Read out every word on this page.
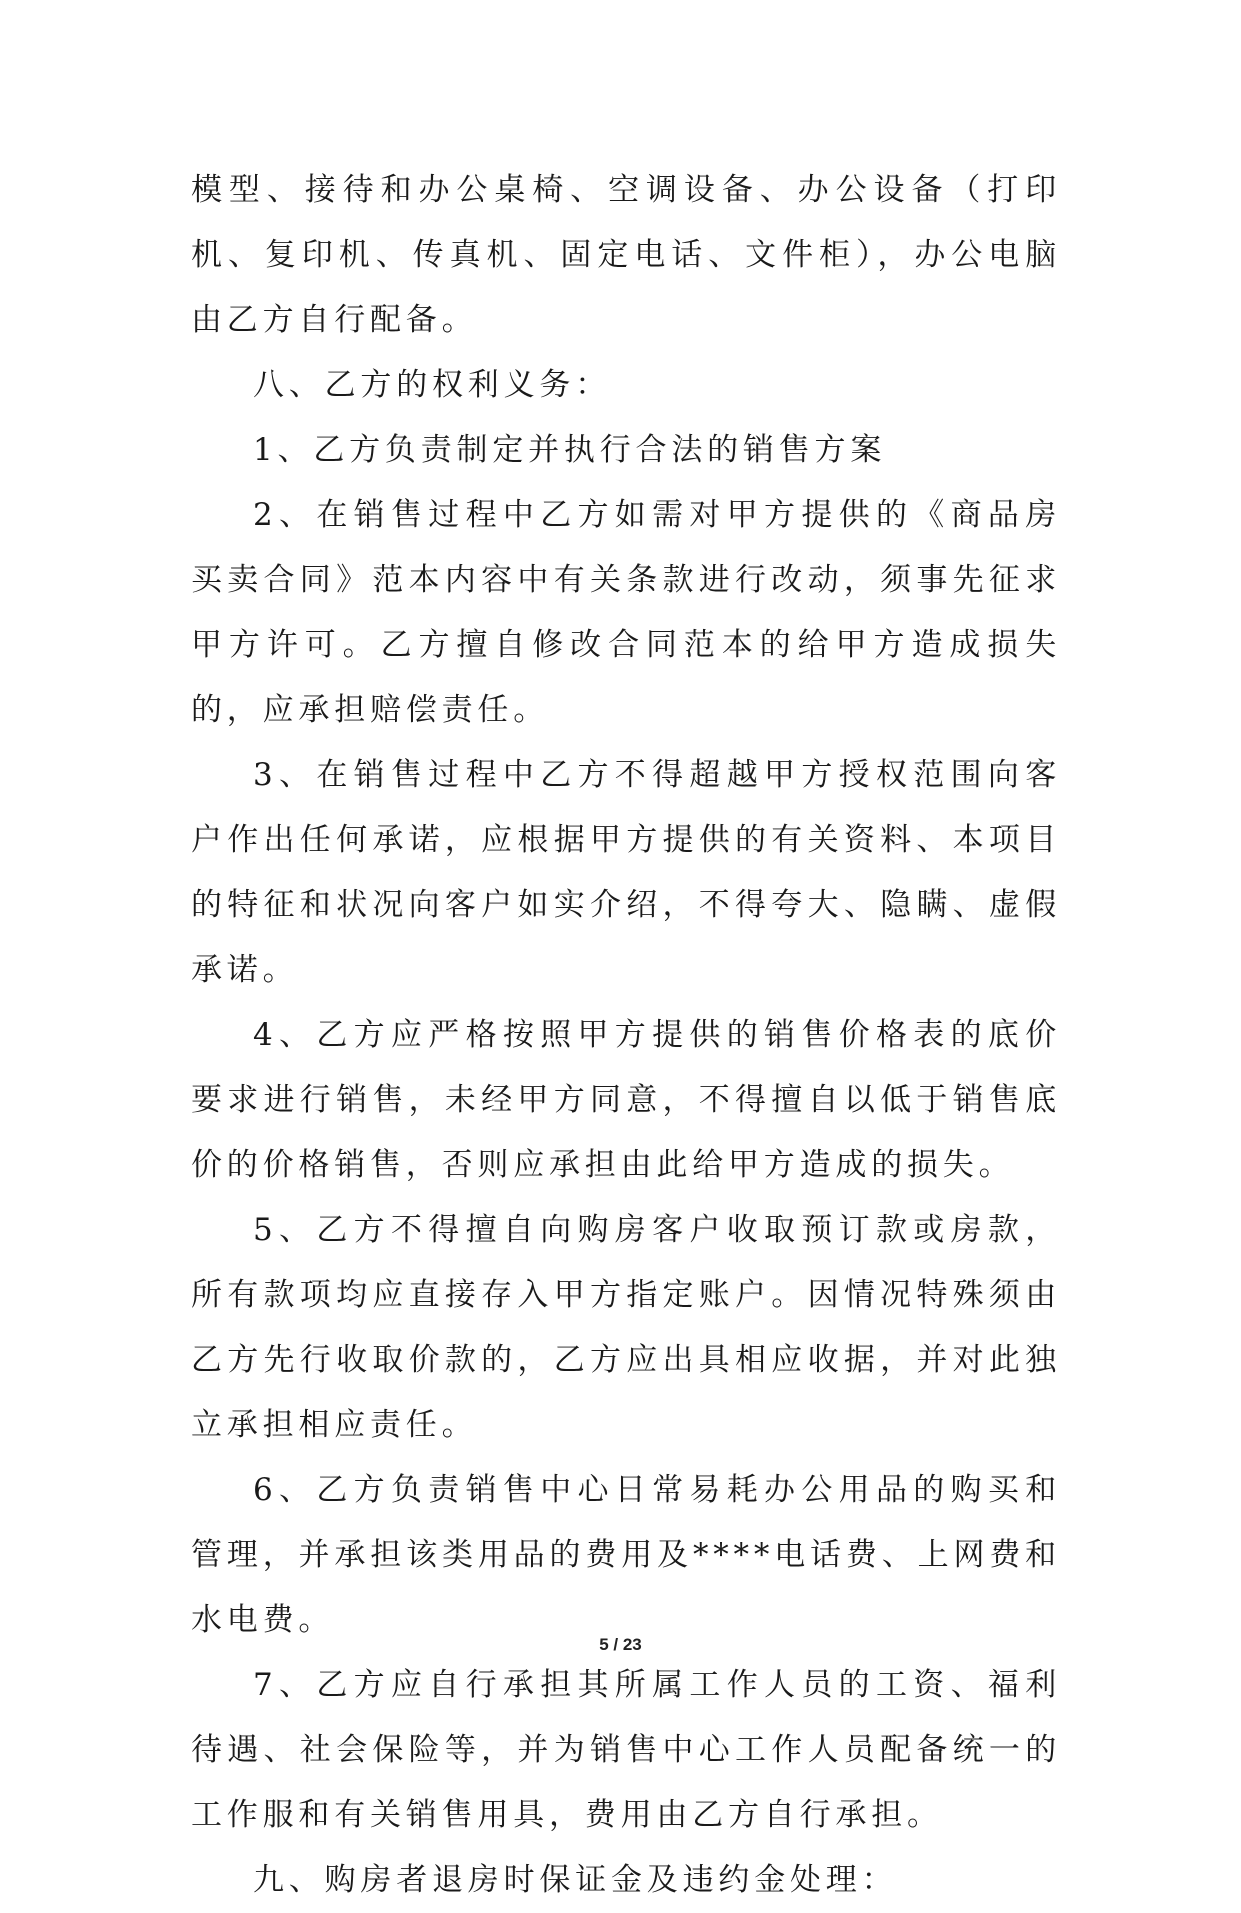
模型、接待和办公桌椅、空调设备、办公设备（打印机、复印机、传真机、固定电话、文件柜），办公电脑由乙方自行配备。

八、乙方的权利义务：

1、乙方负责制定并执行合法的销售方案

2、在销售过程中乙方如需对甲方提供的《商品房买卖合同》范本内容中有关条款进行改动，须事先征求甲方许可。乙方擅自修改合同范本的给甲方造成损失的，应承担赔偿责任。

3、在销售过程中乙方不得超越甲方授权范围向客户作出任何承诺，应根据甲方提供的有关资料、本项目的特征和状况向客户如实介绍，不得夸大、隐瞒、虚假承诺。

4、乙方应严格按照甲方提供的销售价格表的底价要求进行销售，未经甲方同意，不得擅自以低于销售底价的价格销售，否则应承担由此给甲方造成的损失。

5、乙方不得擅自向购房客户收取预订款或房款，所有款项均应直接存入甲方指定账户。因情况特殊须由乙方先行收取价款的，乙方应出具相应收据，并对此独立承担相应责任。

6、乙方负责销售中心日常易耗办公用品的购买和管理，并承担该类用品的费用及****电话费、上网费和水电费。

7、乙方应自行承担其所属工作人员的工资、福利待遇、社会保险等，并为销售中心工作人员配备统一的工作服和有关销售用具，费用由乙方自行承担。

九、购房者退房时保证金及违约金处理：

5 / 23
